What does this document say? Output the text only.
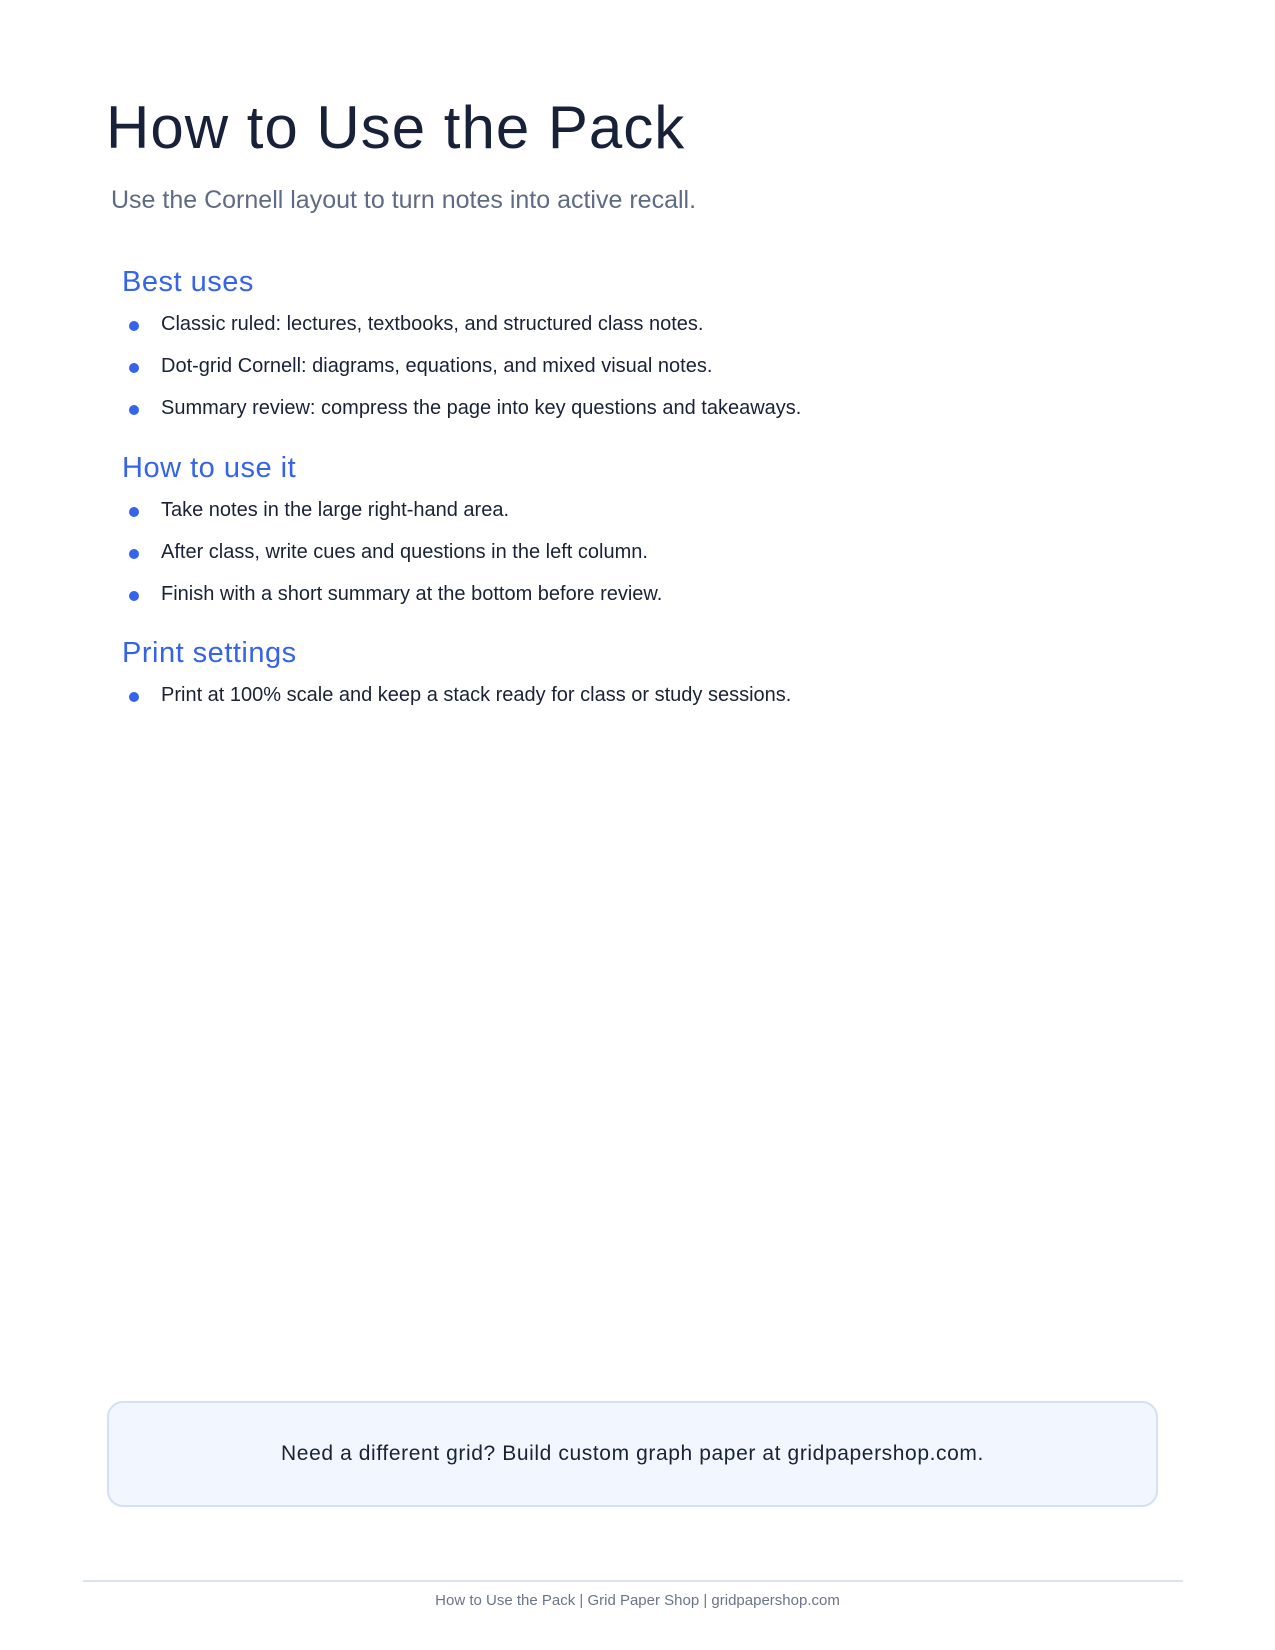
How to Use the Pack

Use the Cornell layout to turn notes into active recall.

Best uses
Classic ruled: lectures, textbooks, and structured class notes.
Dot-grid Cornell: diagrams, equations, and mixed visual notes.
Summary review: compress the page into key questions and takeaways.
How to use it
Take notes in the large right-hand area.
After class, write cues and questions in the left column.
Finish with a short summary at the bottom before review.
Print settings
Print at 100% scale and keep a stack ready for class or study sessions.
Need a different grid? Build custom graph paper at gridpapershop.com.
How to Use the Pack | Grid Paper Shop | gridpapershop.com
